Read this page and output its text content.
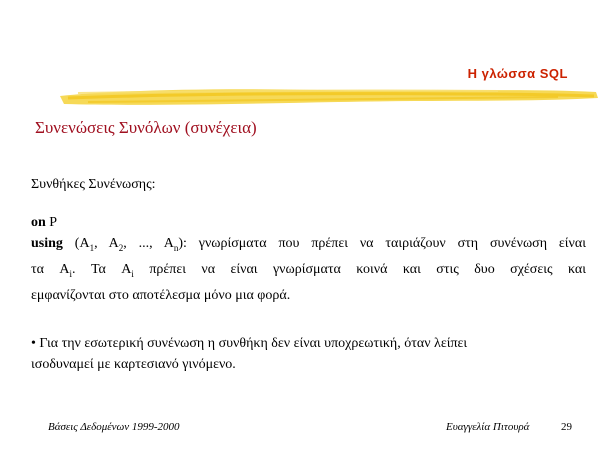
Η γλώσσα SQL
Συνενώσεις Συνόλων (συνέχεια)
Συνθήκες Συνένωσης:
on P
using ($A_1$, $A_2$, ..., $A_n$): γνωρίσματα που πρέπει να ταιριάζουν στη συνένωση είναι
τα $A_i$. Τα $A_i$ πρέπει να είναι γνωρίσματα κοινά και στις δυο σχέσεις και
εμφανίζονται στο αποτέλεσμα μόνο μια φορά.
• Για την εσωτερική συνένωση η συνθήκη δεν είναι υποχρεωτική, όταν λείπει
ισοδυναμεί με καρτεσιανό γινόμενο.
Βάσεις Δεδομένων 1999-2000	Ευαγγελία Πιτουρά	29
